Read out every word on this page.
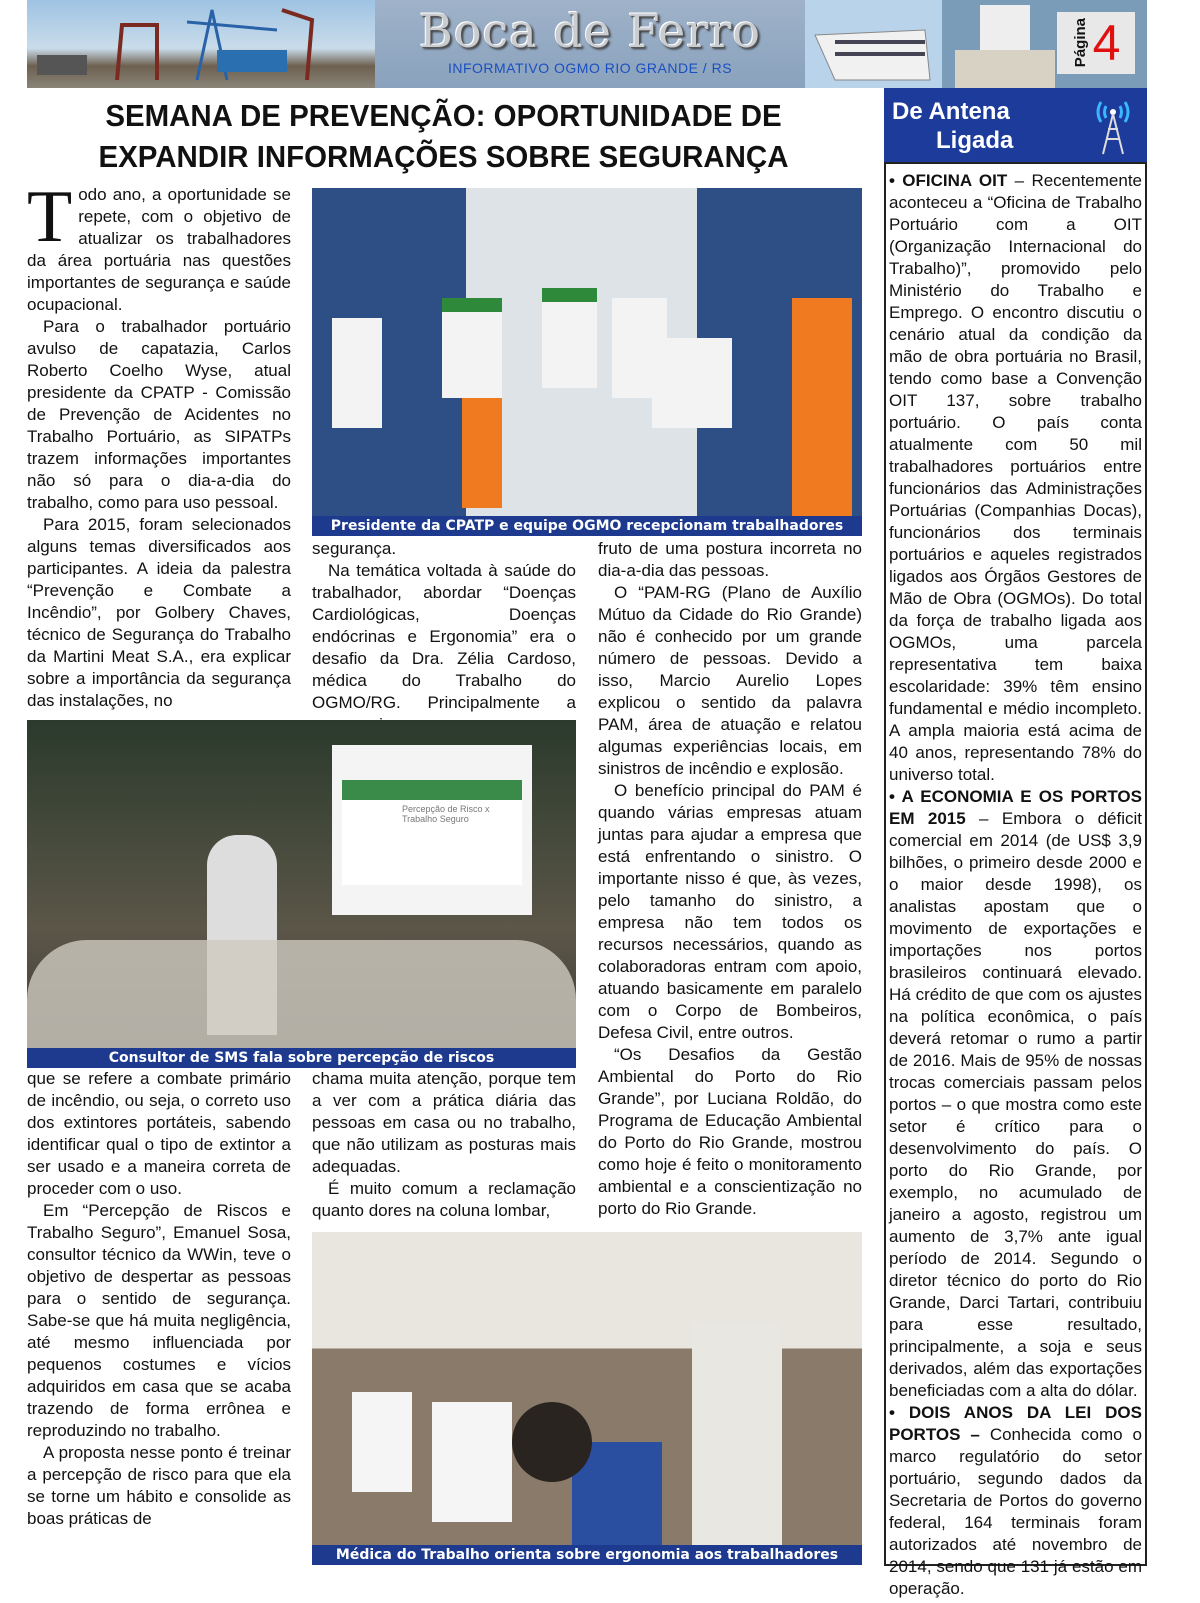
Boca de Ferro
INFORMATIVO OGMO RIO GRANDE / RS
Página 4
SEMANA DE PREVENÇÃO: OPORTUNIDADE DE
EXPANDIR INFORMAÇÕES SOBRE SEGURANÇA
T odo ano, a oportunidade se repete, com o objetivo de atualizar os trabalhadores da área portuária nas questões importantes de segurança e saúde ocupacional.

Para o trabalhador portuário avulso de capatazia, Carlos Roberto Coelho Wyse, atual presidente da CPATP - Comissão de Prevenção de Acidentes no Trabalho Portuário, as SIPATPs trazem informações importantes não só para o dia-a-dia do trabalho, como para uso pessoal.

Para 2015, foram selecionados alguns temas diversificados aos participantes. A ideia da palestra “Prevenção e Combate a Incêndio”, por Golbery Chaves, técnico de Segurança do Trabalho da Martini Meat S.A., era explicar sobre a importância da segurança das instalações, no

Presidente da CPATP e equipe OGMO recepcionam trabalhadores

segurança.

Na temática voltada à saúde do trabalhador, abordar “Doenças Cardiológicas, Doenças endócrinas e Ergonomia” era o desafio da Dra. Zélia Cardoso, médica do Trabalho do OGMO/RG. Principalmente a

fruto de uma postura incorreta no dia-a-dia das pessoas.

O “PAM-RG (Plano de Auxílio Mútuo da Cidade do Rio Grande) não é conhecido por um grande número de pessoas. Devido a isso, Marcio Aurelio Lopes explicou o sentido da palavra PAM, área de atuação e relatou algumas experiências locais, em sinistros de incêndio e explosão.

O benefício principal do PAM é quando várias empresas atuam juntas para ajudar a empresa que está enfrentando o sinistro. O importante nisso é que, às vezes, pelo tamanho do sinistro, a empresa não tem todos os recursos necessários, quando as colaboradoras entram com apoio, atuando basicamente em paralelo com o Corpo de Bombeiros, Defesa Civil, entre outros.

“Os Desafios da Gestão Ambiental do Porto do Rio Grande”, por Luciana Roldão, do Programa de Educação Ambiental do Porto do Rio Grande, mostrou como hoje é feito o monitoramento ambiental e a conscientização no porto do Rio Grande.

Percepção de Risco x Trabalho Seguro
Consultor de SMS fala sobre percepção de riscos

que se refere a combate primário de incêndio, ou seja, o correto uso dos extintores portáteis, sabendo identificar qual o tipo de extintor a ser usado e a maneira correta de proceder com o uso.

Em “Percepção de Riscos e Trabalho Seguro”, Emanuel Sosa, consultor técnico da WWin, teve o objetivo de despertar as pessoas para o sentido de segurança. Sabe-se que há muita negligência, até mesmo influenciada por pequenos costumes e vícios adquiridos em casa que se acaba trazendo de forma errônea e reproduzindo no trabalho.

A proposta nesse ponto é treinar a percepção de risco para que ela se torne um hábito e consolide as boas práticas de

chama muita atenção, porque tem a ver com a prática diária das pessoas em casa ou no trabalho, que não utilizam as posturas mais adequadas.

É muito comum a reclamação quanto dores na coluna lombar,

Médica do Trabalho orienta sobre ergonomia aos trabalhadores
De Antena
Ligada

• OFICINA OIT – Recentemente aconteceu a “Oficina de Trabalho Portuário com a OIT (Organização Internacional do Trabalho)”, promovido pelo Ministério do Trabalho e Emprego. O encontro discutiu o cenário atual da condição da mão de obra portuária no Brasil, tendo como base a Convenção OIT 137, sobre trabalho portuário. O país conta atualmente com 50 mil trabalhadores portuários entre funcionários das Administrações Portuárias (Companhias Docas), funcionários dos terminais portuários e aqueles registrados ligados aos Órgãos Gestores de Mão de Obra (OGMOs). Do total da força de trabalho ligada aos OGMOs, uma parcela representativa tem baixa escolaridade: 39% têm ensino fundamental e médio incompleto. A ampla maioria está acima de 40 anos, representando 78% do universo total.

• A ECONOMIA E OS PORTOS EM 2015 – Embora o déficit comercial em 2014 (de US$ 3,9 bilhões, o primeiro desde 2000 e o maior desde 1998), os analistas apostam que o movimento de exportações e importações nos portos brasileiros continuará elevado. Há crédito de que com os ajustes na política econômica, o país deverá retomar o rumo a partir de 2016. Mais de 95% de nossas trocas comerciais passam pelos portos – o que mostra como este setor é crítico para o desenvolvimento do país. O porto do Rio Grande, por exemplo, no acumulado de janeiro a agosto, registrou um aumento de 3,7% ante igual período de 2014. Segundo o diretor técnico do porto do Rio Grande, Darci Tartari, contribuiu para esse resultado, principalmente, a soja e seus derivados, além das exportações beneficiadas com a alta do dólar.

• DOIS ANOS DA LEI DOS PORTOS – Conhecida como o marco regulatório do setor portuário, segundo dados da Secretaria de Portos do governo federal, 164 terminais foram autorizados até novembro de 2014, sendo que 131 já estão em operação.
